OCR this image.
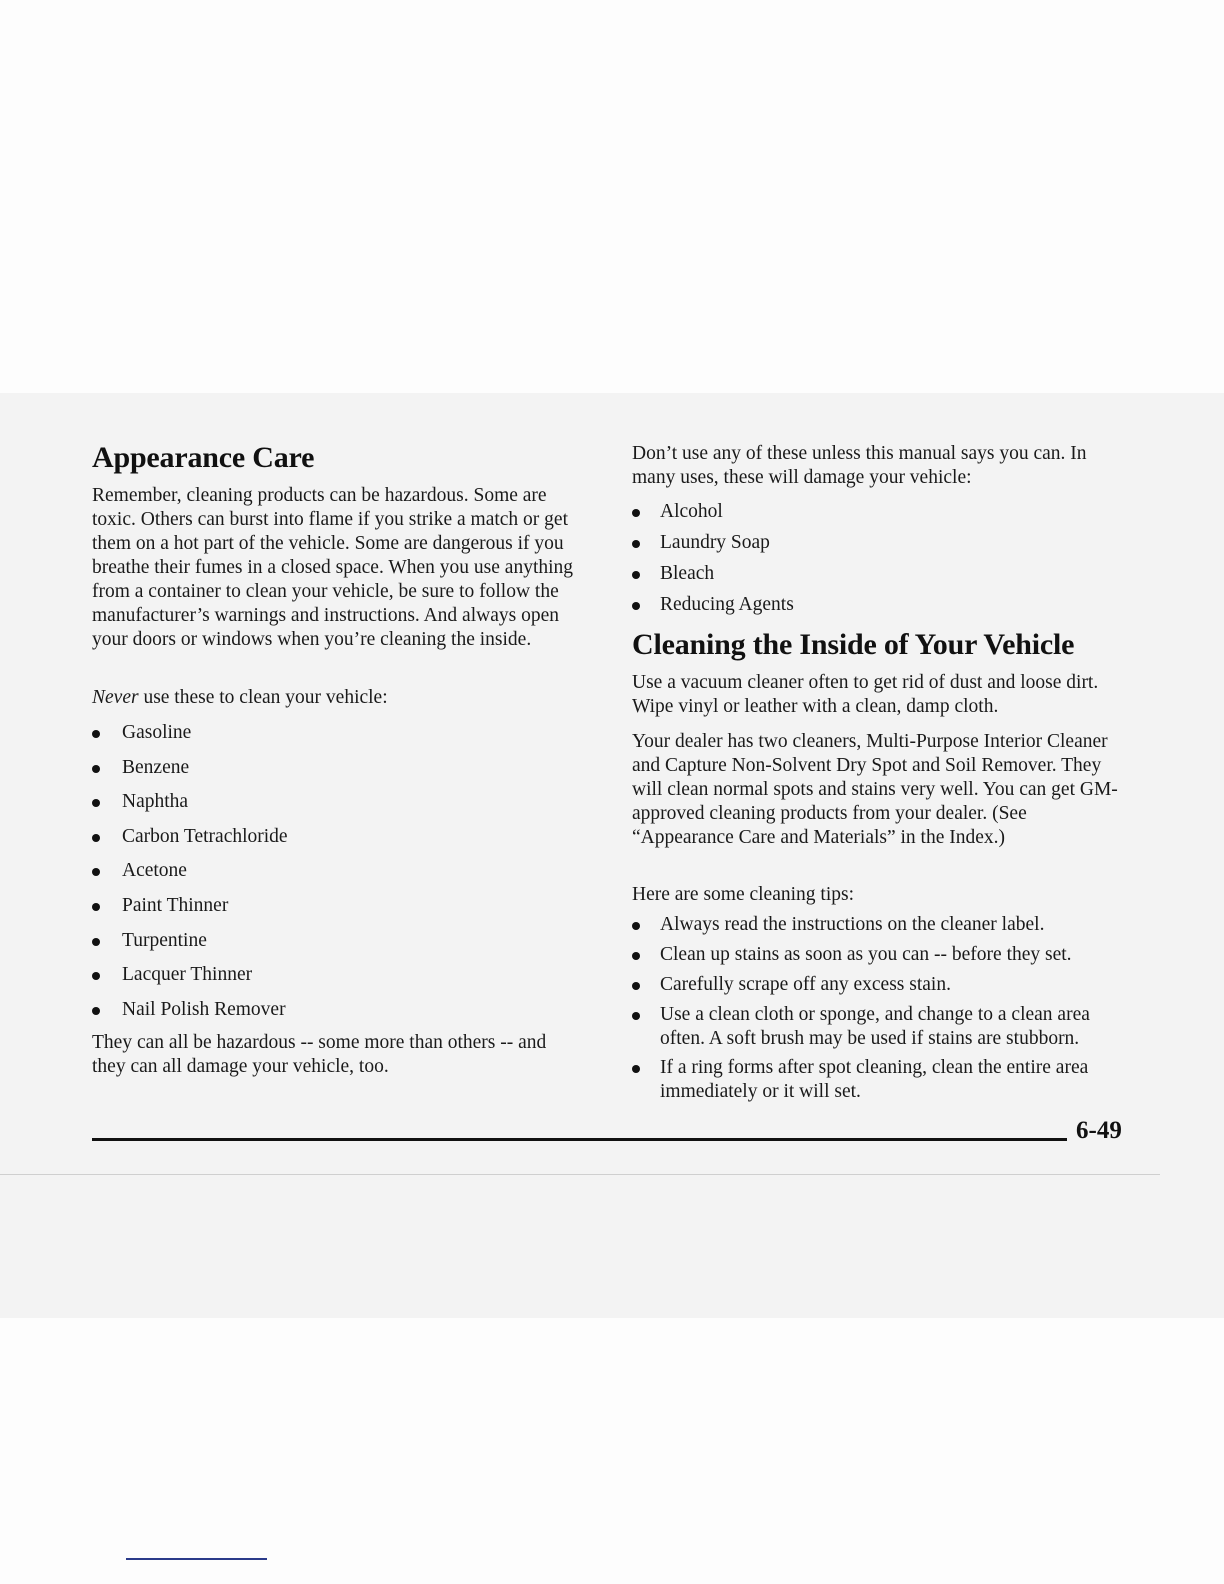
Appearance Care

Remember, cleaning products can be hazardous. Some are toxic. Others can burst into flame if you strike a match or get them on a hot part of the vehicle. Some are dangerous if you breathe their fumes in a closed space. When you use anything from a container to clean your vehicle, be sure to follow the manufacturer’s warnings and instructions. And always open your doors or windows when you’re cleaning the inside.

Never use these to clean your vehicle:

Gasoline
Benzene
Naphtha
Carbon Tetrachloride
Acetone
Paint Thinner
Turpentine
Lacquer Thinner
Nail Polish Remover

They can all be hazardous -- some more than others -- and they can all damage your vehicle, too.

Don’t use any of these unless this manual says you can. In many uses, these will damage your vehicle:

Alcohol
Laundry Soap
Bleach
Reducing Agents
Cleaning the Inside of Your Vehicle

Use a vacuum cleaner often to get rid of dust and loose dirt. Wipe vinyl or leather with a clean, damp cloth.

Your dealer has two cleaners, Multi-Purpose Interior Cleaner and Capture Non-Solvent Dry Spot and Soil Remover. They will clean normal spots and stains very well. You can get GM-approved cleaning products from your dealer. (See “Appearance Care and Materials” in the Index.)

Here are some cleaning tips:

Always read the instructions on the cleaner label.
Clean up stains as soon as you can -- before they set.
Carefully scrape off any excess stain.
Use a clean cloth or sponge, and change to a clean area often. A soft brush may be used if stains are stubborn.
If a ring forms after spot cleaning, clean the entire area immediately or it will set.
6-49
